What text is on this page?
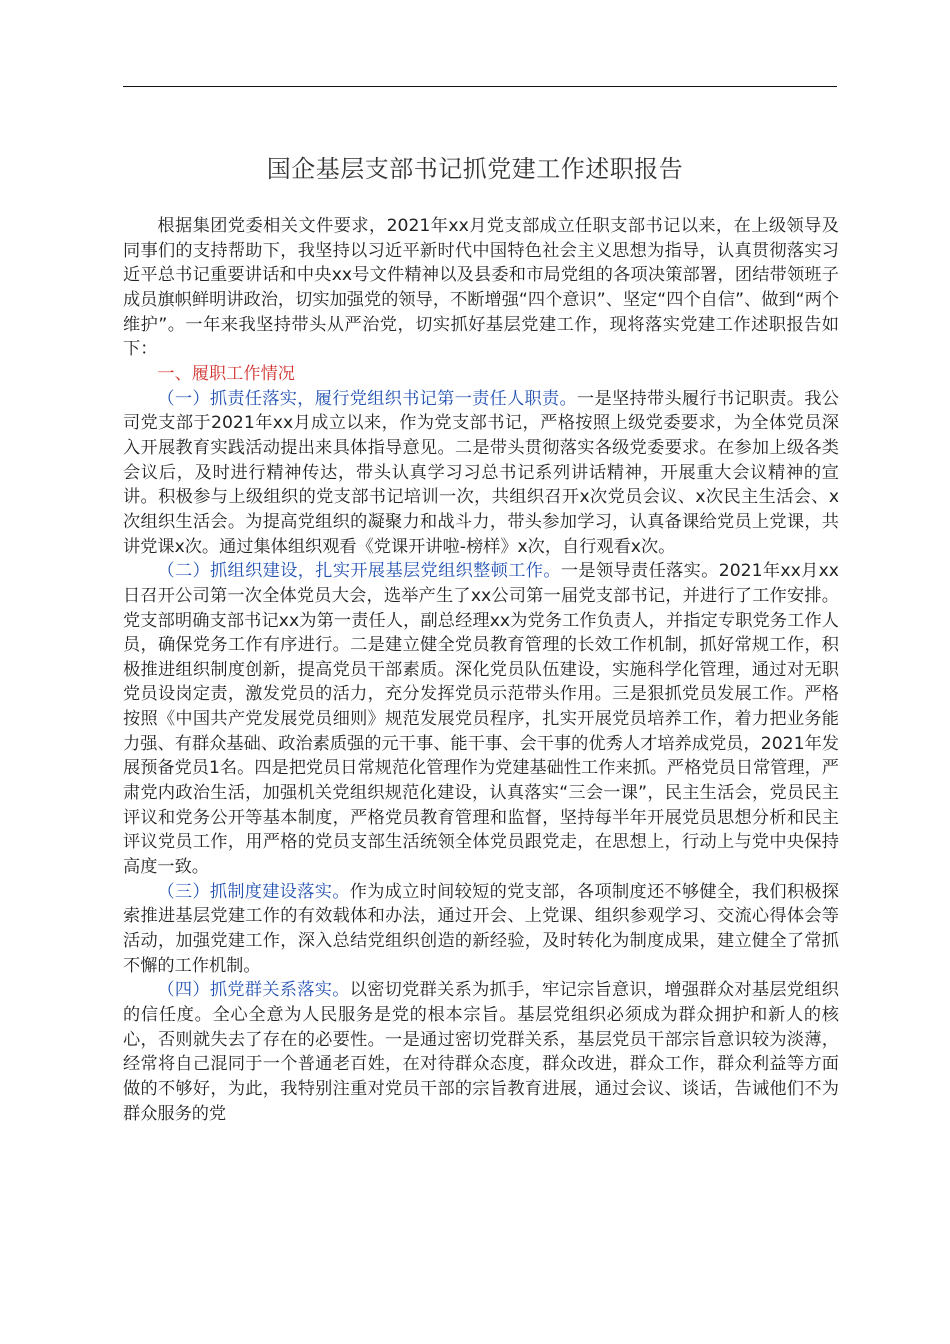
国企基层支部书记抓党建工作述职报告

根据集团党委相关文件要求，2021年xx月党支部成立任职支部书记以来，在上级领导及同事们的支持帮助下，我坚持以习近平新时代中国特色社会主义思想为指导，认真贯彻落实习近平总书记重要讲话和中央xx号文件精神以及县委和市局党组的各项决策部署，团结带领班子成员旗帜鲜明讲政治，切实加强党的领导，不断增强“四个意识”、坚定“四个自信”、做到“两个维护”。一年来我坚持带头从严治党，切实抓好基层党建工作，现将落实党建工作述职报告如下：

一、履职工作情况

（一）抓责任落实，履行党组织书记第一责任人职责。一是坚持带头履行书记职责。我公司党支部于2021年xx月成立以来，作为党支部书记，严格按照上级党委要求，为全体党员深入开展教育实践活动提出来具体指导意见。二是带头贯彻落实各级党委要求。在参加上级各类会议后，及时进行精神传达，带头认真学习习总书记系列讲话精神，开展重大会议精神的宣讲。积极参与上级组织的党支部书记培训一次，共组织召开x次党员会议、x次民主生活会、x次组织生活会。为提高党组织的凝聚力和战斗力，带头参加学习，认真备课给党员上党课，共讲党课x次。通过集体组织观看《党课开讲啦-榜样》x次，自行观看x次。

（二）抓组织建设，扎实开展基层党组织整顿工作。一是领导责任落实。2021年xx月xx日召开公司第一次全体党员大会，选举产生了xx公司第一届党支部书记，并进行了工作安排。党支部明确支部书记xx为第一责任人，副总经理xx为党务工作负责人，并指定专职党务工作人员，确保党务工作有序进行。二是建立健全党员教育管理的长效工作机制，抓好常规工作，积极推进组织制度创新，提高党员干部素质。深化党员队伍建设，实施科学化管理，通过对无职党员设岗定责，激发党员的活力，充分发挥党员示范带头作用。三是狠抓党员发展工作。严格按照《中国共产党发展党员细则》规范发展党员程序，扎实开展党员培养工作，着力把业务能力强、有群众基础、政治素质强的元干事、能干事、会干事的优秀人才培养成党员，2021年发展预备党员1名。四是把党员日常规范化管理作为党建基础性工作来抓。严格党员日常管理，严肃党内政治生活，加强机关党组织规范化建设，认真落实“三会一课”，民主生活会，党员民主评议和党务公开等基本制度，严格党员教育管理和监督，坚持每半年开展党员思想分析和民主评议党员工作，用严格的党员支部生活统领全体党员跟党走，在思想上，行动上与党中央保持高度一致。

（三）抓制度建设落实。作为成立时间较短的党支部，各项制度还不够健全，我们积极探索推进基层党建工作的有效载体和办法，通过开会、上党课、组织参观学习、交流心得体会等活动，加强党建工作，深入总结党组织创造的新经验，及时转化为制度成果，建立健全了常抓不懈的工作机制。

（四）抓党群关系落实。以密切党群关系为抓手，牢记宗旨意识，增强群众对基层党组织的信任度。全心全意为人民服务是党的根本宗旨。基层党组织必须成为群众拥护和新人的核心，否则就失去了存在的必要性。一是通过密切党群关系，基层党员干部宗旨意识较为淡薄，经常将自己混同于一个普通老百姓，在对待群众态度，群众改进，群众工作，群众利益等方面做的不够好，为此，我特别注重对党员干部的宗旨教育进展，通过会议、谈话，告诫他们不为群众服务的党
